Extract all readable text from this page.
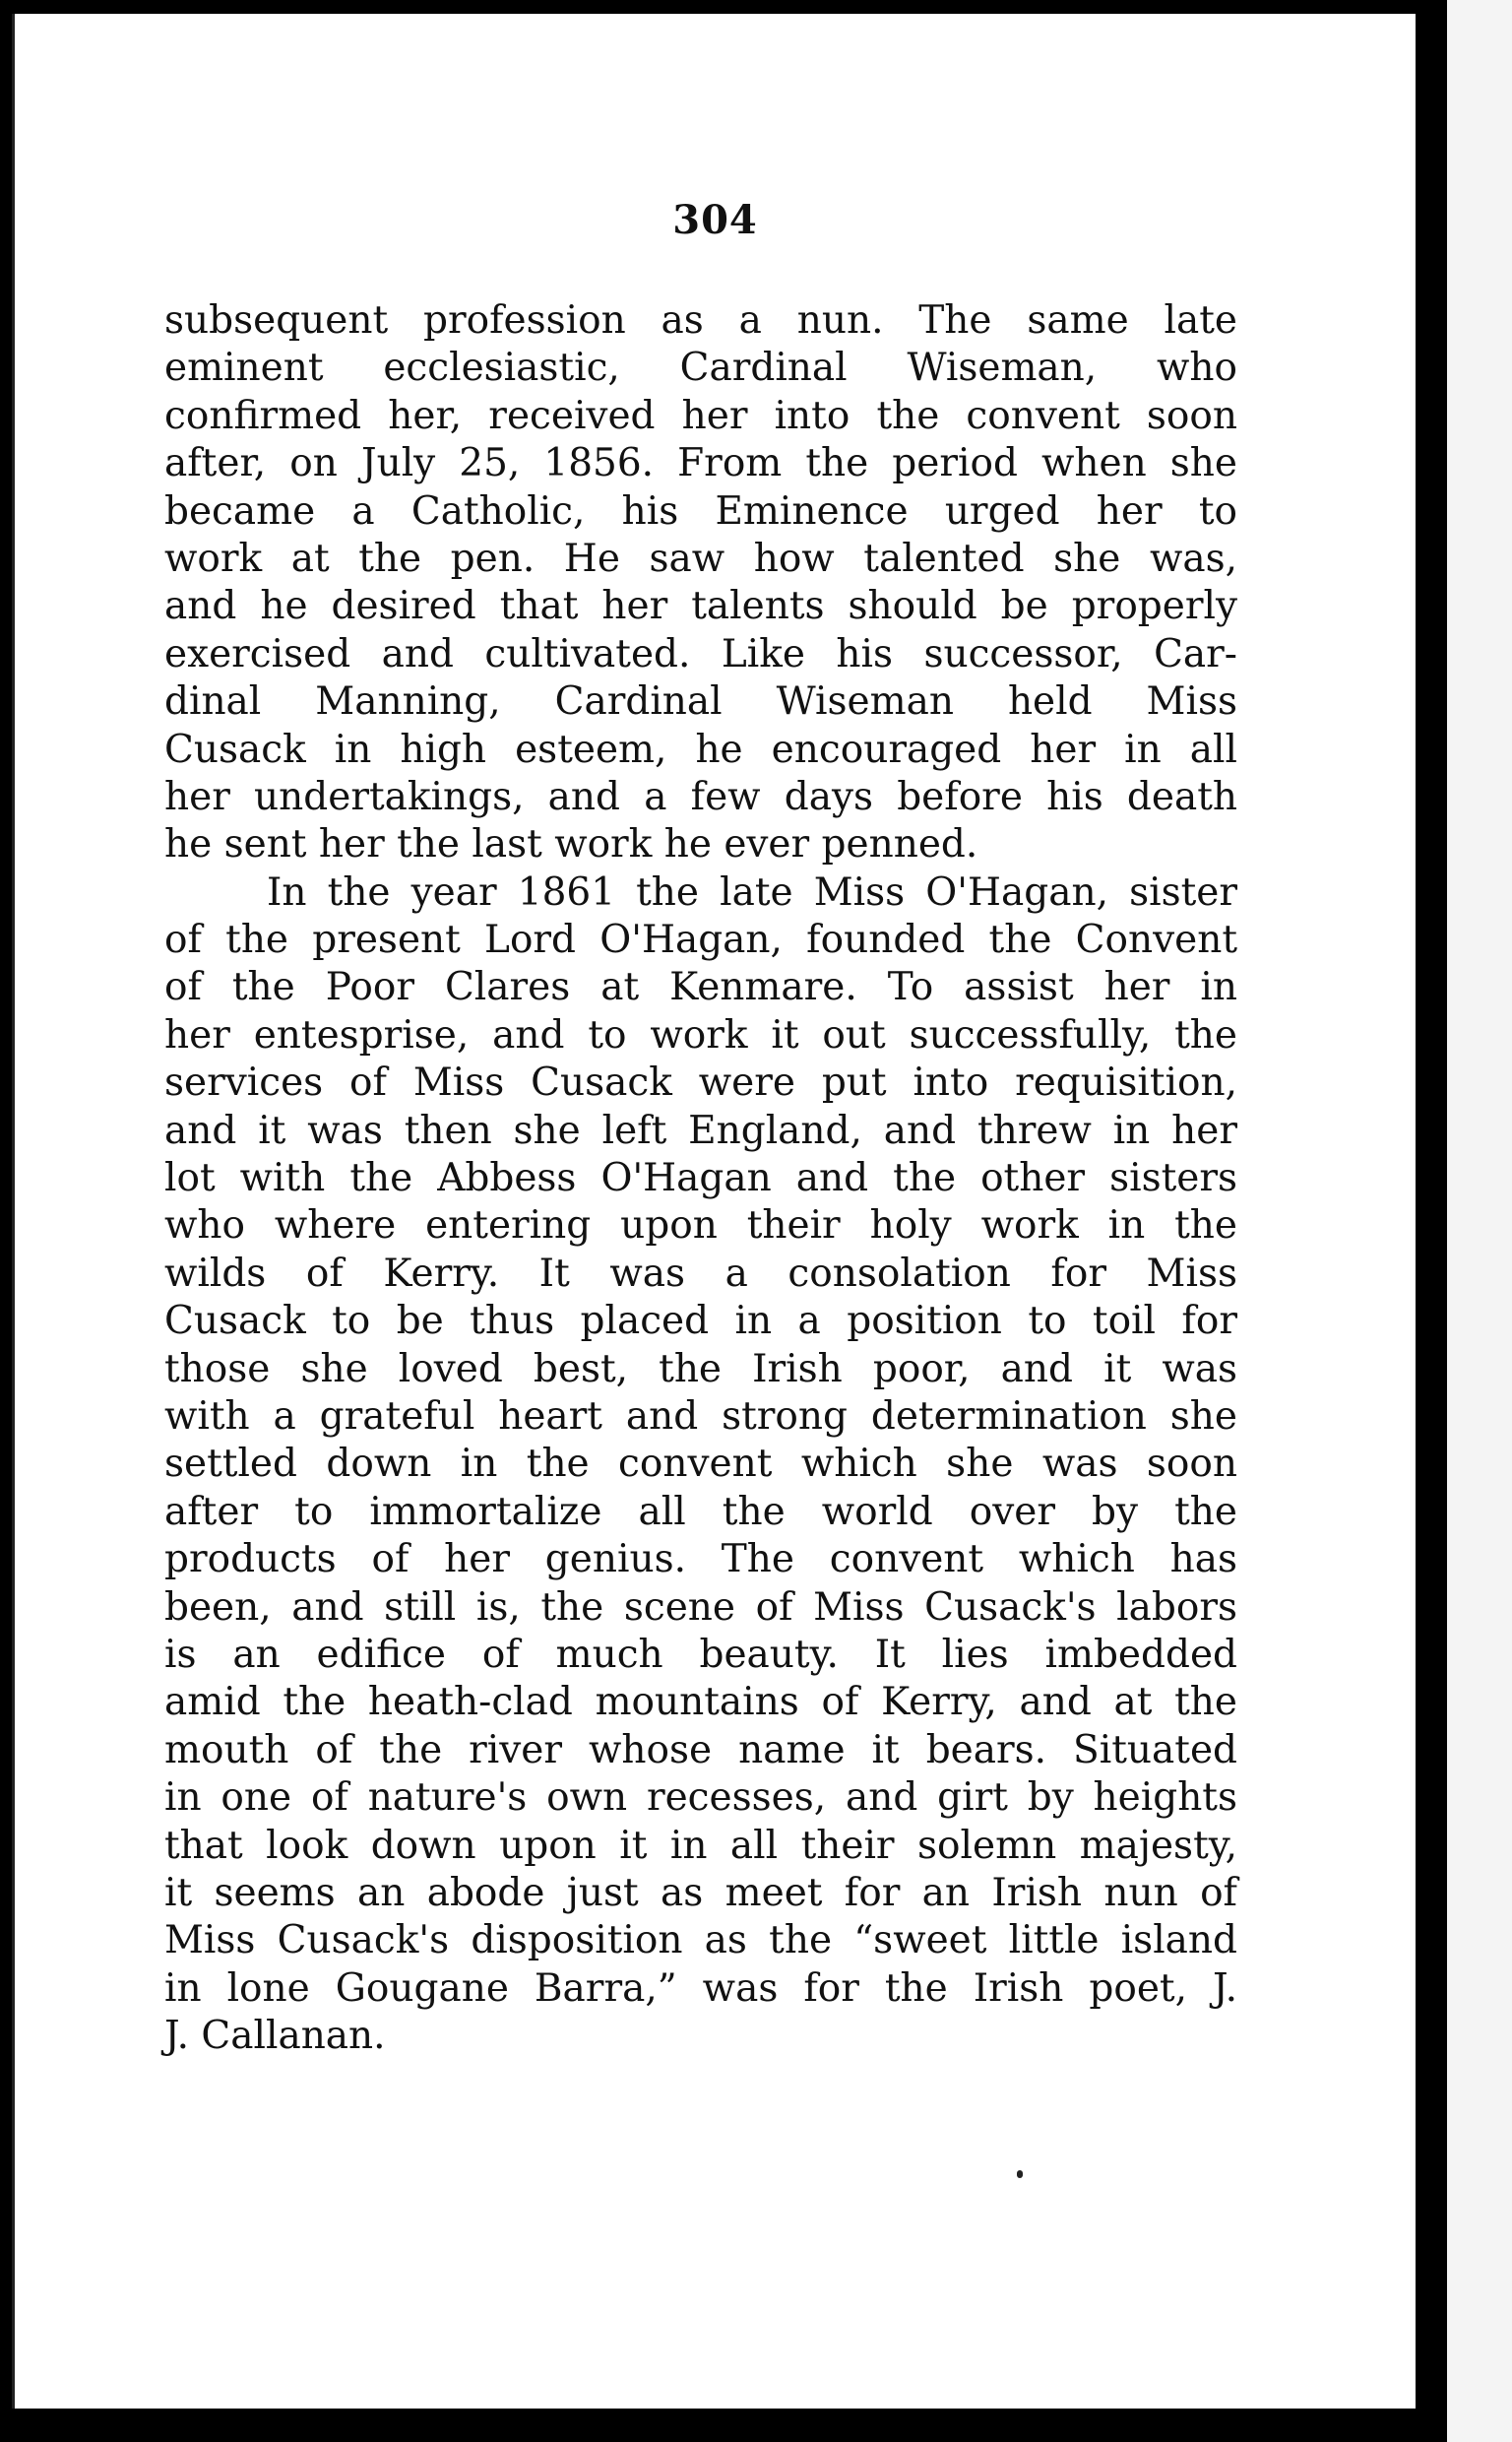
304
subsequent profession as a nun. The same late
eminent ecclesiastic, Cardinal Wiseman, who
confirmed her, received her into the convent soon
after, on July 25, 1856. From the period when she
became a Catholic, his Eminence urged her to
work at the pen. He saw how talented she was,
and he desired that her talents should be properly
exercised and cultivated. Like his successor, Car-
dinal Manning, Cardinal Wiseman held Miss
Cusack in high esteem, he encouraged her in all
her undertakings, and a few days before his death
he sent her the last work he ever penned.
In the year 1861 the late Miss O'Hagan, sister
of the present Lord O'Hagan, founded the Convent
of the Poor Clares at Kenmare. To assist her in
her entesprise, and to work it out successfully, the
services of Miss Cusack were put into requisition,
and it was then she left England, and threw in her
lot with the Abbess O'Hagan and the other sisters
who where entering upon their holy work in the
wilds of Kerry. It was a consolation for Miss
Cusack to be thus placed in a position to toil for
those she loved best, the Irish poor, and it was
with a grateful heart and strong determination she
settled down in the convent which she was soon
after to immortalize all the world over by the
products of her genius. The convent which has
been, and still is, the scene of Miss Cusack's labors
is an edifice of much beauty. It lies imbedded
amid the heath-clad mountains of Kerry, and at the
mouth of the river whose name it bears. Situated
in one of nature's own recesses, and girt by heights
that look down upon it in all their solemn majesty,
it seems an abode just as meet for an Irish nun of
Miss Cusack's disposition as the “sweet little island
in lone Gougane Barra,” was for the Irish poet, J.
J. Callanan.
